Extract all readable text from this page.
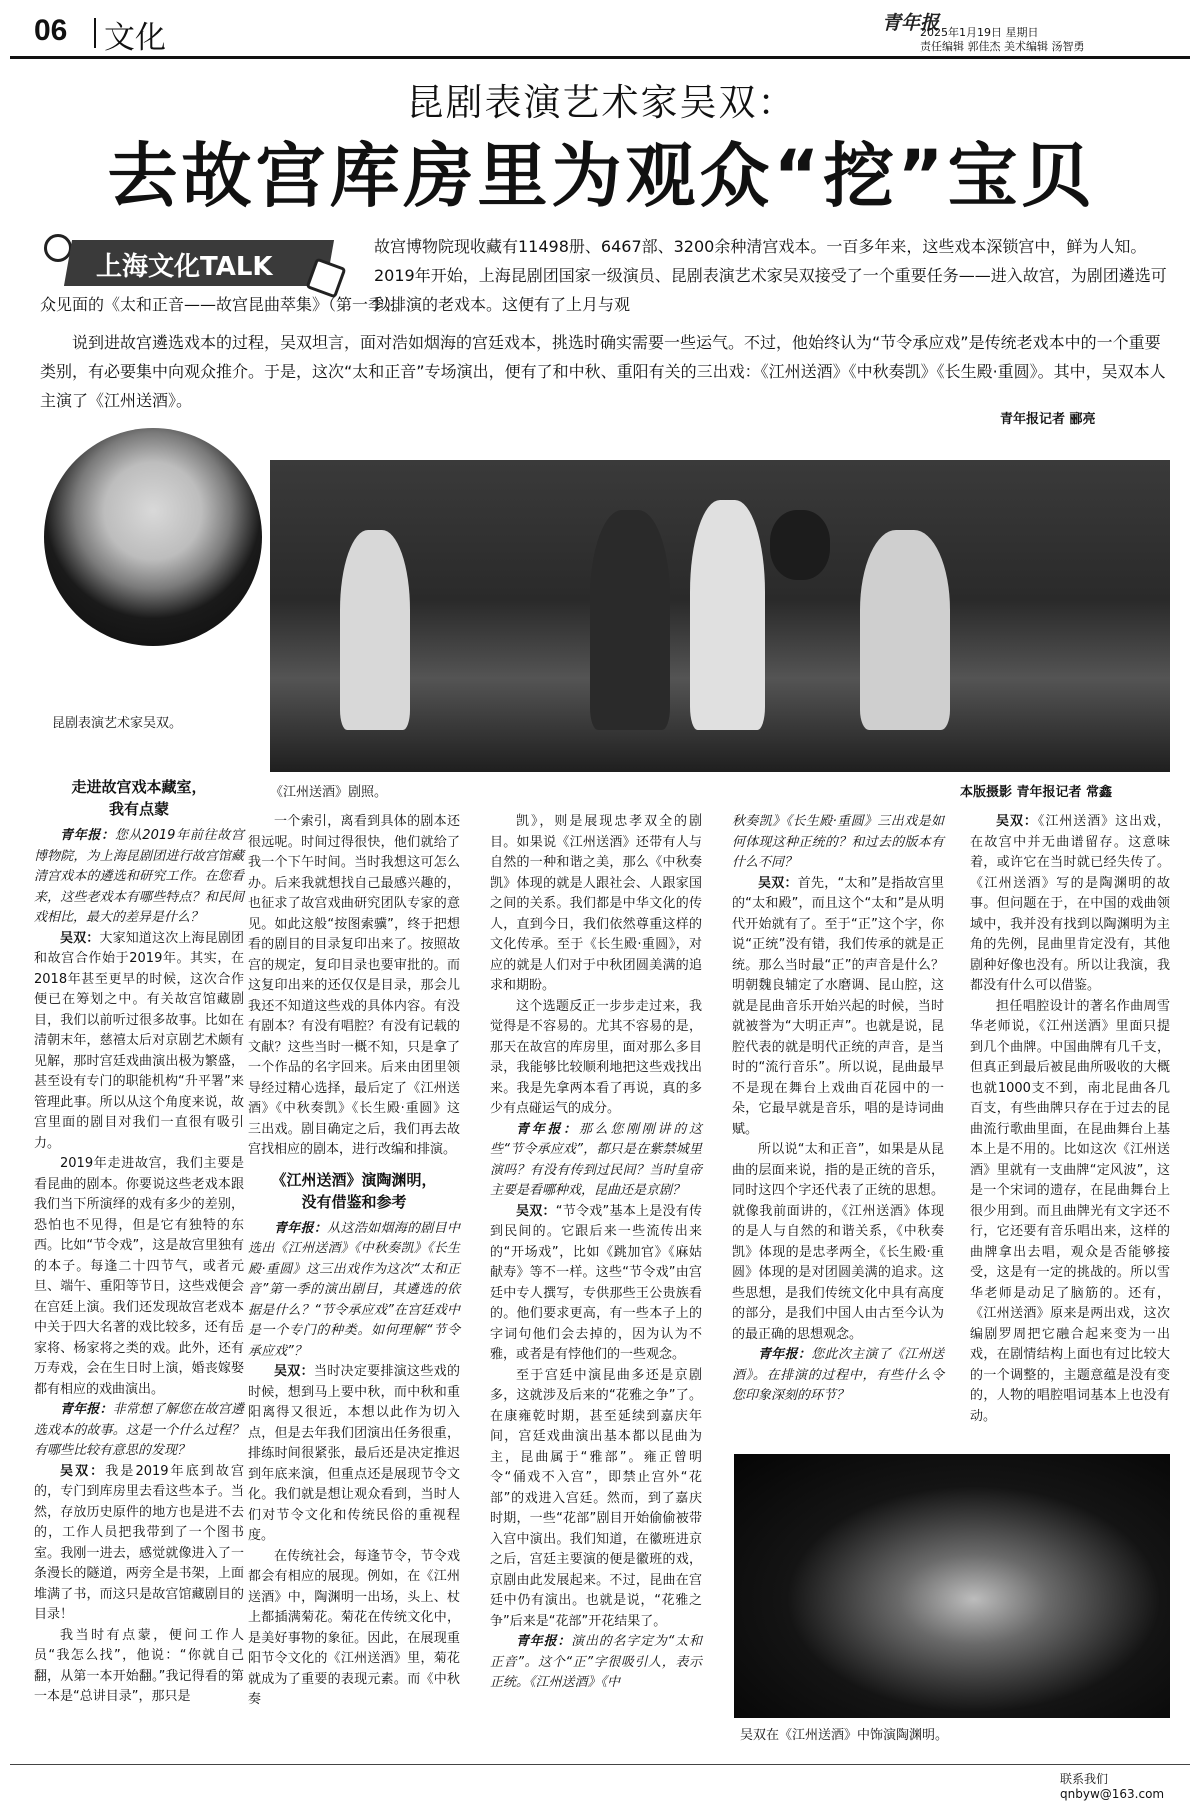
06 文化	青年报
2025年1月19日 星期日
责任编辑 郭佳杰 美术编辑 汤智勇
昆剧表演艺术家吴双：
去故宫库房里为观众“挖”宝贝
上海文化TALK
故宫博物院现收藏有11498册、6467部、3200余种清宫戏本。一百多年来，这些戏本深锁宫中，鲜为人知。2019年开始，上海昆剧团国家一级演员、昆剧表演艺术家吴双接受了一个重要任务——进入故宫，为剧团遴选可以排演的老戏本。这便有了上月与观
众见面的《太和正音——故宫昆曲萃集》（第一季）。
说到进故宫遴选戏本的过程，吴双坦言，面对浩如烟海的宫廷戏本，挑选时确实需要一些运气。不过，他始终认为“节令承应戏”是传统老戏本中的一个重要类别，有必要集中向观众推介。于是，这次“太和正音”专场演出，便有了和中秋、重阳有关的三出戏：《江州送酒》《中秋奏凯》《长生殿·重圆》。其中，吴双本人主演了《江州送酒》。
青年报记者 郦亮
昆剧表演艺术家吴双。
《江州送酒》剧照。	本版摄影 青年报记者 常鑫
吴双在《江州送酒》中饰演陶渊明。
走进故宫戏本藏室，
我有点蒙

青年报：您从2019年前往故宫博物院，为上海昆剧团进行故宫馆藏清宫戏本的遴选和研究工作。在您看来，这些老戏本有哪些特点？和民间戏相比，最大的差异是什么？

吴双：大家知道这次上海昆剧团和故宫合作始于2019年。其实，在2018年甚至更早的时候，这次合作便已在筹划之中。有关故宫馆藏剧目，我们以前听过很多故事。比如在清朝末年，慈禧太后对京剧艺术颇有见解，那时宫廷戏曲演出极为繁盛，甚至设有专门的职能机构“升平署”来管理此事。所以从这个角度来说，故宫里面的剧目对我们一直很有吸引力。

2019年走进故宫，我们主要是看昆曲的剧本。你要说这些老戏本跟我们当下所演绎的戏有多少的差别，恐怕也不见得，但是它有独特的东西。比如“节令戏”，这是故宫里独有的本子。每逢二十四节气，或者元旦、端午、重阳等节日，这些戏便会在宫廷上演。我们还发现故宫老戏本中关于四大名著的戏比较多，还有岳家将、杨家将之类的戏。此外，还有万寿戏，会在生日时上演，婚丧嫁娶都有相应的戏曲演出。

青年报：非常想了解您在故宫遴选戏本的故事。这是一个什么过程？有哪些比较有意思的发现？

吴双：我是2019年底到故宫的，专门到库房里去看这些本子。当然，存放历史原件的地方也是进不去的，工作人员把我带到了一个图书室。我刚一进去，感觉就像进入了一条漫长的隧道，两旁全是书架，上面堆满了书，而这只是故宫馆藏剧目的目录！

我当时有点蒙，便问工作人员“我怎么找”，他说：“你就自己翻，从第一本开始翻。”我记得看的第一本是“总讲目录”，那只是

一个索引，离看到具体的剧本还很远呢。时间过得很快，他们就给了我一个下午时间。当时我想这可怎么办。后来我就想找自己最感兴趣的，也征求了故宫戏曲研究团队专家的意见。如此这般“按图索骥”，终于把想看的剧目的目录复印出来了。按照故宫的规定，复印目录也要审批的。而这复印出来的还仅仅是目录，那会儿我还不知道这些戏的具体内容。有没有剧本？有没有唱腔？有没有记载的文献？这些当时一概不知，只是拿了一个作品的名字回来。后来由团里领导经过精心选择，最后定了《江州送酒》《中秋奏凯》《长生殿·重圆》这三出戏。剧目确定之后，我们再去故宫找相应的剧本，进行改编和排演。

《江州送酒》演陶渊明，
没有借鉴和参考

青年报：从这浩如烟海的剧目中选出《江州送酒》《中秋奏凯》《长生殿·重圆》这三出戏作为这次“太和正音”第一季的演出剧目，其遴选的依据是什么？“节令承应戏”在宫廷戏中是一个专门的种类。如何理解“节令承应戏”？

吴双：当时决定要排演这些戏的时候，想到马上要中秋，而中秋和重阳离得又很近，本想以此作为切入点，但是去年我们团演出任务很重，排练时间很紧张，最后还是决定推迟到年底来演，但重点还是展现节令文化。我们就是想让观众看到，当时人们对节令文化和传统民俗的重视程度。

在传统社会，每逢节令，节令戏都会有相应的展现。例如，在《江州送酒》中，陶渊明一出场，头上、杖上都插满菊花。菊花在传统文化中，是美好事物的象征。因此，在展现重阳节令文化的《江州送酒》里，菊花就成为了重要的表现元素。而《中秋奏

凯》，则是展现忠孝双全的剧目。如果说《江州送酒》还带有人与自然的一种和谐之美，那么《中秋奏凯》体现的就是人跟社会、人跟家国之间的关系。我们都是中华文化的传人，直到今日，我们依然尊重这样的文化传承。至于《长生殿·重圆》，对应的就是人们对于中秋团圆美满的追求和期盼。

这个选题反正一步步走过来，我觉得是不容易的。尤其不容易的是，那天在故宫的库房里，面对那么多目录，我能够比较顺利地把这些戏找出来。我是先拿两本看了再说，真的多少有点碰运气的成分。

青年报：那么您刚刚讲的这些“节令承应戏”，都只是在紫禁城里演吗？有没有传到过民间？当时皇帝主要是看哪种戏，昆曲还是京剧？

吴双：“节令戏”基本上是没有传到民间的。它跟后来一些流传出来的“开场戏”，比如《跳加官》《麻姑献寿》等不一样。这些“节令戏”由宫廷中专人撰写，专供那些王公贵族看的。他们要求更高，有一些本子上的字词句他们会去掉的，因为认为不雅，或者是有悖他们的一些观念。

至于宫廷中演昆曲多还是京剧多，这就涉及后来的“花雅之争”了。在康雍乾时期，甚至延续到嘉庆年间，宫廷戏曲演出基本都以昆曲为主，昆曲属于“雅部”。雍正曾明令“俑戏不入宫”，即禁止宫外“花部”的戏进入宫廷。然而，到了嘉庆时期，一些“花部”剧目开始偷偷被带入宫中演出。我们知道，在徽班进京之后，宫廷主要演的便是徽班的戏，京剧由此发展起来。不过，昆曲在宫廷中仍有演出。也就是说，“花雅之争”后来是“花部”开花结果了。

青年报：演出的名字定为“太和正音”。这个“正”字很吸引人，表示正统。《江州送酒》《中

秋奏凯》《长生殿·重圆》三出戏是如何体现这种正统的？和过去的版本有什么不同？

吴双：首先，“太和”是指故宫里的“太和殿”，而且这个“太和”是从明代开始就有了。至于“正”这个字，你说“正统”没有错，我们传承的就是正统。那么当时最“正”的声音是什么？明朝魏良辅定了水磨调、昆山腔，这就是昆曲音乐开始兴起的时候，当时就被誉为“大明正声”。也就是说，昆腔代表的就是明代正统的声音，是当时的“流行音乐”。所以说，昆曲最早不是现在舞台上戏曲百花园中的一朵，它最早就是音乐，唱的是诗词曲赋。

所以说“太和正音”，如果是从昆曲的层面来说，指的是正统的音乐，同时这四个字还代表了正统的思想。就像我前面讲的，《江州送酒》体现的是人与自然的和谐关系，《中秋奏凯》体现的是忠孝两全，《长生殿·重圆》体现的是对团圆美满的追求。这些思想，是我们传统文化中具有高度的部分，是我们中国人由古至今认为的最正确的思想观念。

青年报：您此次主演了《江州送酒》。在排演的过程中，有些什么令您印象深刻的环节？

吴双：《江州送酒》这出戏，在故宫中并无曲谱留存。这意味着，或许它在当时就已经失传了。《江州送酒》写的是陶渊明的故事。但问题在于，在中国的戏曲领域中，我并没有找到以陶渊明为主角的先例，昆曲里肯定没有，其他剧种好像也没有。所以让我演，我都没有什么可以借鉴。

担任唱腔设计的著名作曲周雪华老师说，《江州送酒》里面只提到几个曲牌。中国曲牌有几千支，但真正到最后被昆曲所吸收的大概也就1000支不到，南北昆曲各几百支，有些曲牌只存在于过去的昆曲流行歌曲里面，在昆曲舞台上基本上是不用的。比如这次《江州送酒》里就有一支曲牌“定风波”，这是一个宋词的遗存，在昆曲舞台上很少用到。而且曲牌光有文字还不行，它还要有音乐唱出来，这样的曲牌拿出去唱，观众是否能够接受，这是有一定的挑战的。所以雪华老师是动足了脑筋的。还有，《江州送酒》原来是两出戏，这次编剧罗周把它融合起来变为一出戏，在剧情结构上面也有过比较大的一个调整的，主题意蕴是没有变的，人物的唱腔唱词基本上也没有动。

联系我们 qnbyw@163.com
